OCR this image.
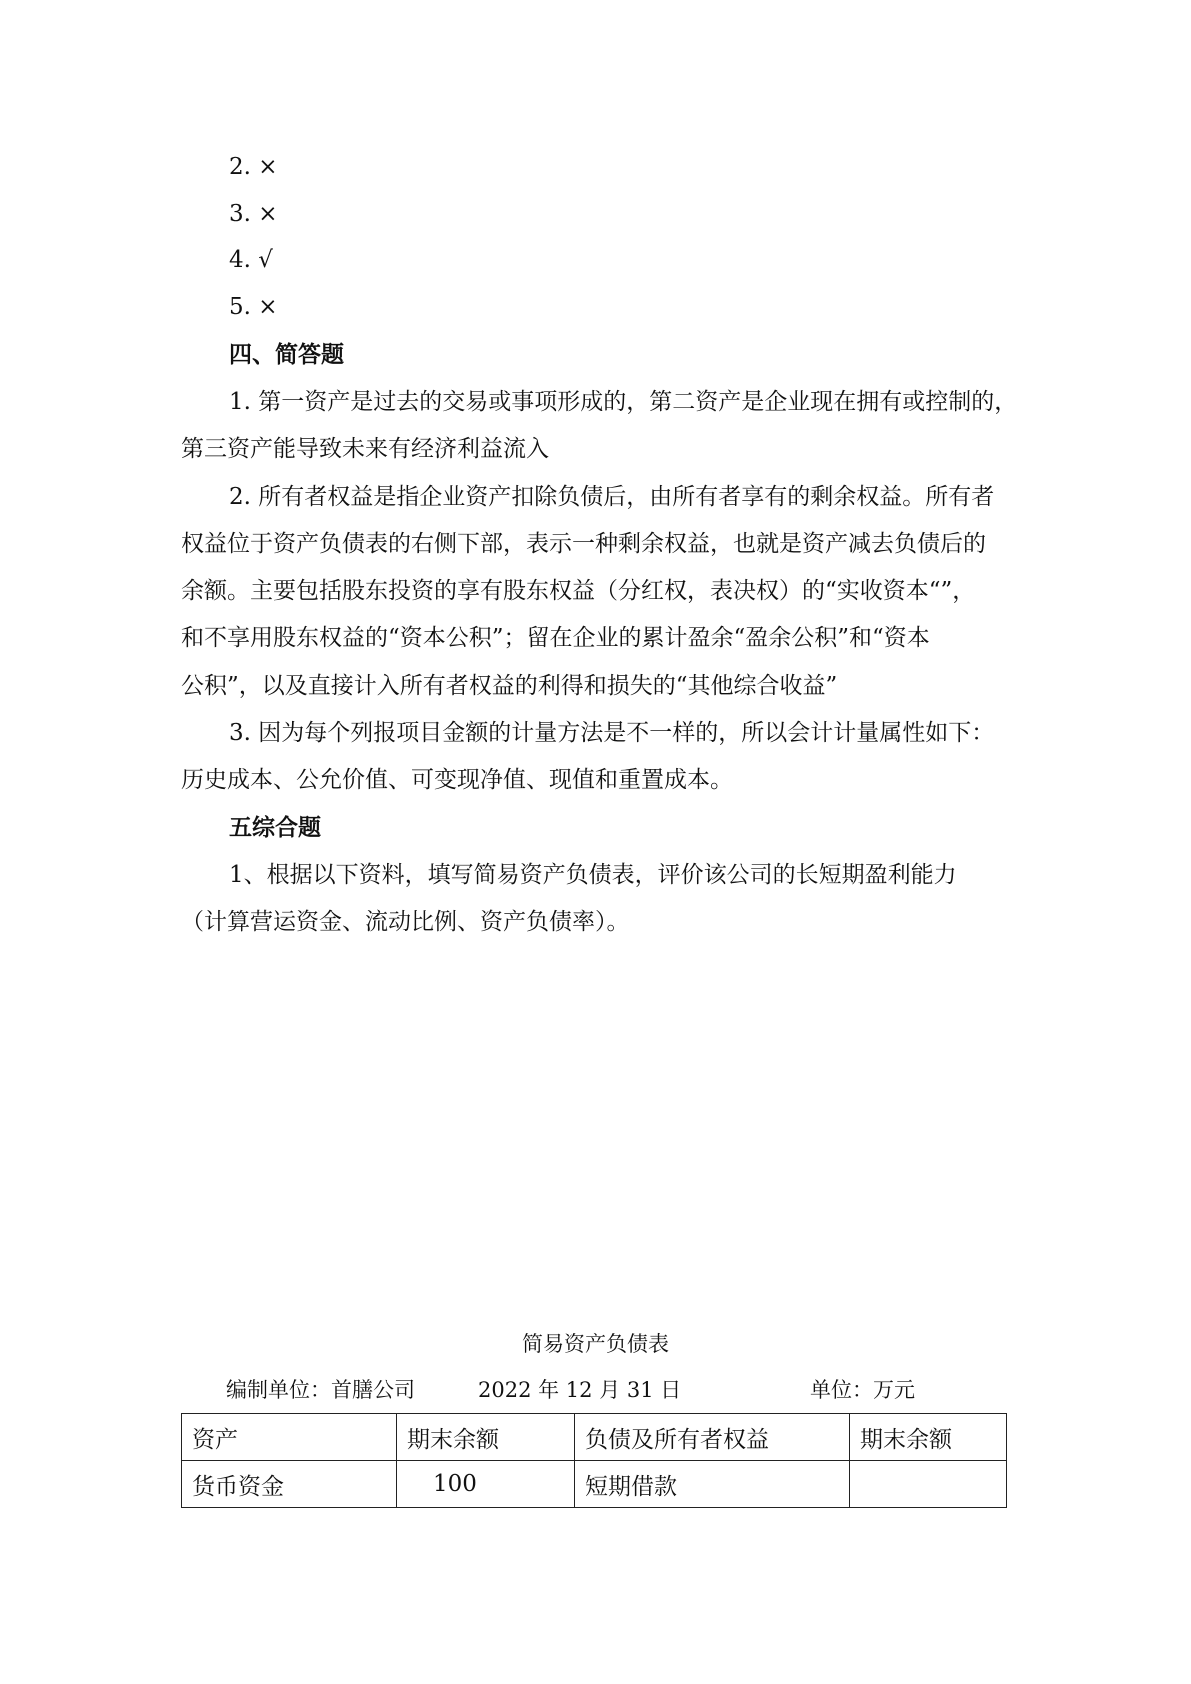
2. ×
3. ×
4. √
5. ×
四、简答题
1. 第一资产是过去的交易或事项形成的，第二资产是企业现在拥有或控制的，
第三资产能导致未来有经济利益流入
2. 所有者权益是指企业资产扣除负债后，由所有者享有的剩余权益。所有者
权益位于资产负债表的右侧下部，表示一种剩余权益，也就是资产减去负债后的
余额。主要包括股东投资的享有股东权益（分红权，表决权）的“实收资本“”，
和不享用股东权益的“资本公积”；留在企业的累计盈余“盈余公积”和“资本
公积”，以及直接计入所有者权益的利得和损失的“其他综合收益”
3. 因为每个列报项目金额的计量方法是不一样的，所以会计计量属性如下：
历史成本、公允价值、可变现净值、现值和重置成本。
五综合题
1、根据以下资料，填写简易资产负债表，评价该公司的长短期盈利能力
（计算营运资金、流动比例、资产负债率）。
简易资产负债表
编制单位：首膳公司	2022 年 12 月 31 日	单位：万元
资产	期末余额	负债及所有者权益	期末余额
货币资金	100	短期借款	
